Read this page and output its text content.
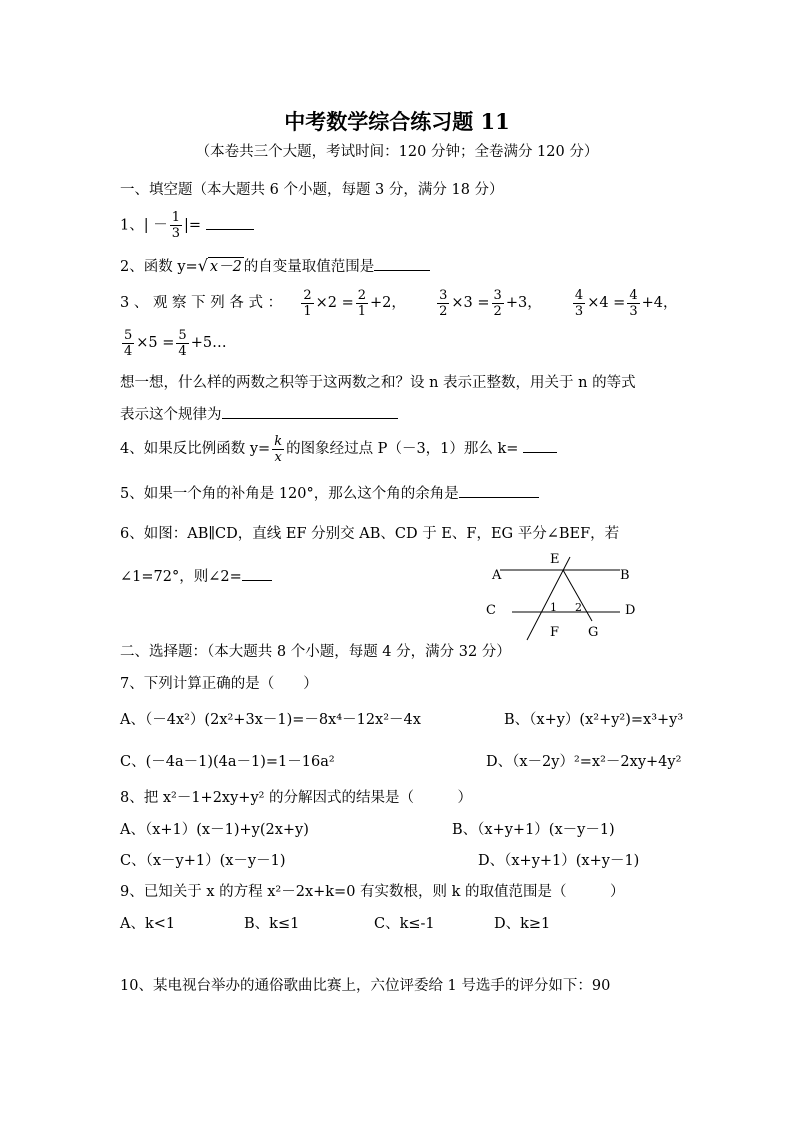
中考数学综合练习题 11
（本卷共三个大题，考试时间：120 分钟；全卷满分 120 分）
一、填空题（本大题共 6 个小题，每题 3 分，满分 18 分）
1、| － $\frac{1}{3}$ |=
2、函数 y=√ x－2 的自变量取值范围是
3 、 观 察 下 列 各 式 ： $\frac{2}{1} \times 2 = \frac{2}{1} +2$， $\frac{3}{2} \times 3 = \frac{3}{2} +3$， $\frac{4}{3} \times 4 = \frac{4}{3} +4$，
$\frac{5}{4} \times 5 = \frac{5}{4}$ +5…
想一想，什么样的两数之积等于这两数之和？设 n 表示正整数，用关于 n 的等式
表示这个规律为
4、如果反比例函数 $y= \frac{k}{x}$ 的图象经过点 P（－3，1）那么 k=
5、如果一个角的补角是 120°，那么这个角的余角是
6、如图：AB∥CD，直线 EF 分别交 AB、CD 于 E、F，EG 平分∠BEF，若
∠1=72°，则∠2=	A	B
C	D
E
F G
1 2
二、选择题：（本大题共 8 个小题，每题 4 分，满分 32 分）
7、下列计算正确的是（　　）
A、（－4x²）(2x²+3x－1)=－8x⁴－12x²－4x	B、（x+y）(x²+y²)=x³+y³
C、(－4a－1)(4a－1)=1－16a²	D、（x－2y）²=x²－2xy+4y²
8、把 x²－1+2xy+y² 的分解因式的结果是（　　　）
A、（x+1）(x－1)+y(2x+y)	B、（x+y+1）(x－y－1)
C、（x－y+1）(x－y－1)	D、（x+y+1）(x+y－1)
9、已知关于 x 的方程 x²－2x+k=0 有实数根，则 k 的取值范围是（　　　）
A、k<1	B、k≤1	C、k≤-1	D、k≥1
10、某电视台举办的通俗歌曲比赛上，六位评委给 1 号选手的评分如下：90
